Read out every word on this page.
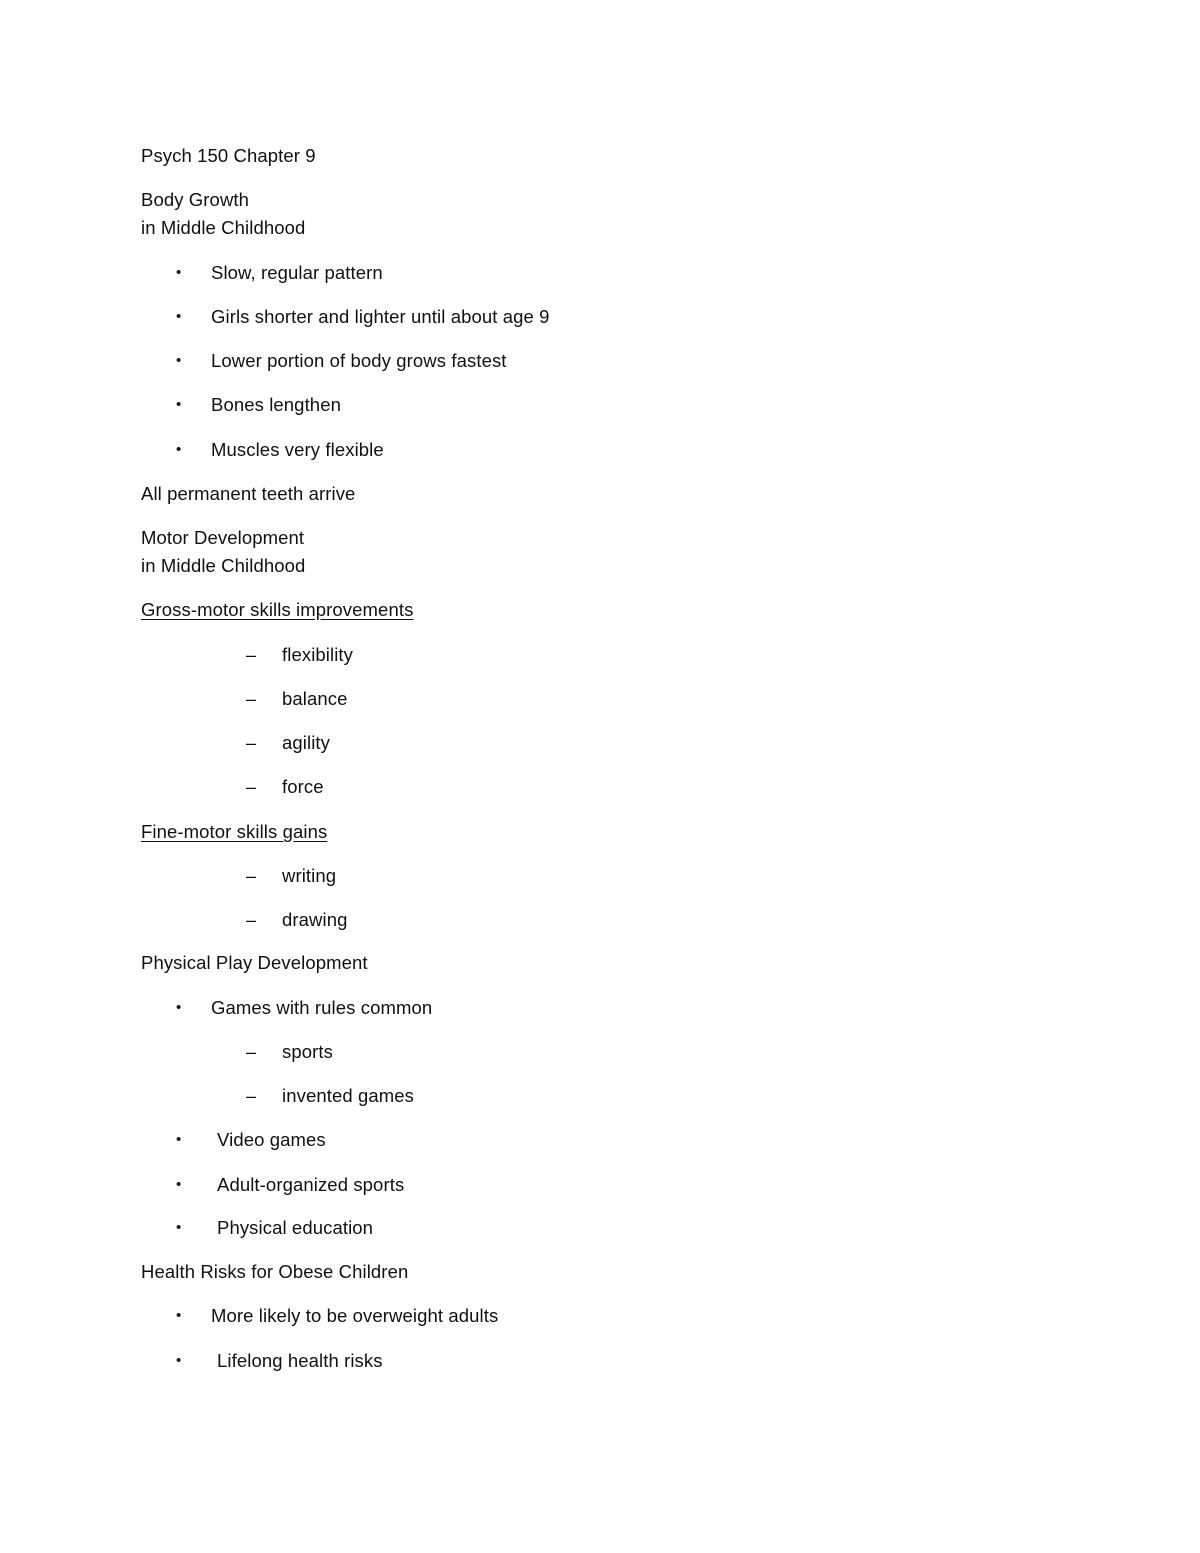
Psych 150 Chapter 9
Body Growth
in Middle Childhood
• Slow, regular pattern
• Girls shorter and lighter until about age 9
• Lower portion of body grows fastest
• Bones lengthen
• Muscles very flexible
All permanent teeth arrive
Motor Development
in Middle Childhood
Gross-motor skills improvements
– flexibility
– balance
– agility
– force
Fine-motor skills gains
– writing
– drawing
Physical Play Development
• Games with rules common
– sports
– invented games
• Video games
• Adult-organized sports
• Physical education
Health Risks for Obese Children
• More likely to be overweight adults
• Lifelong health risks
